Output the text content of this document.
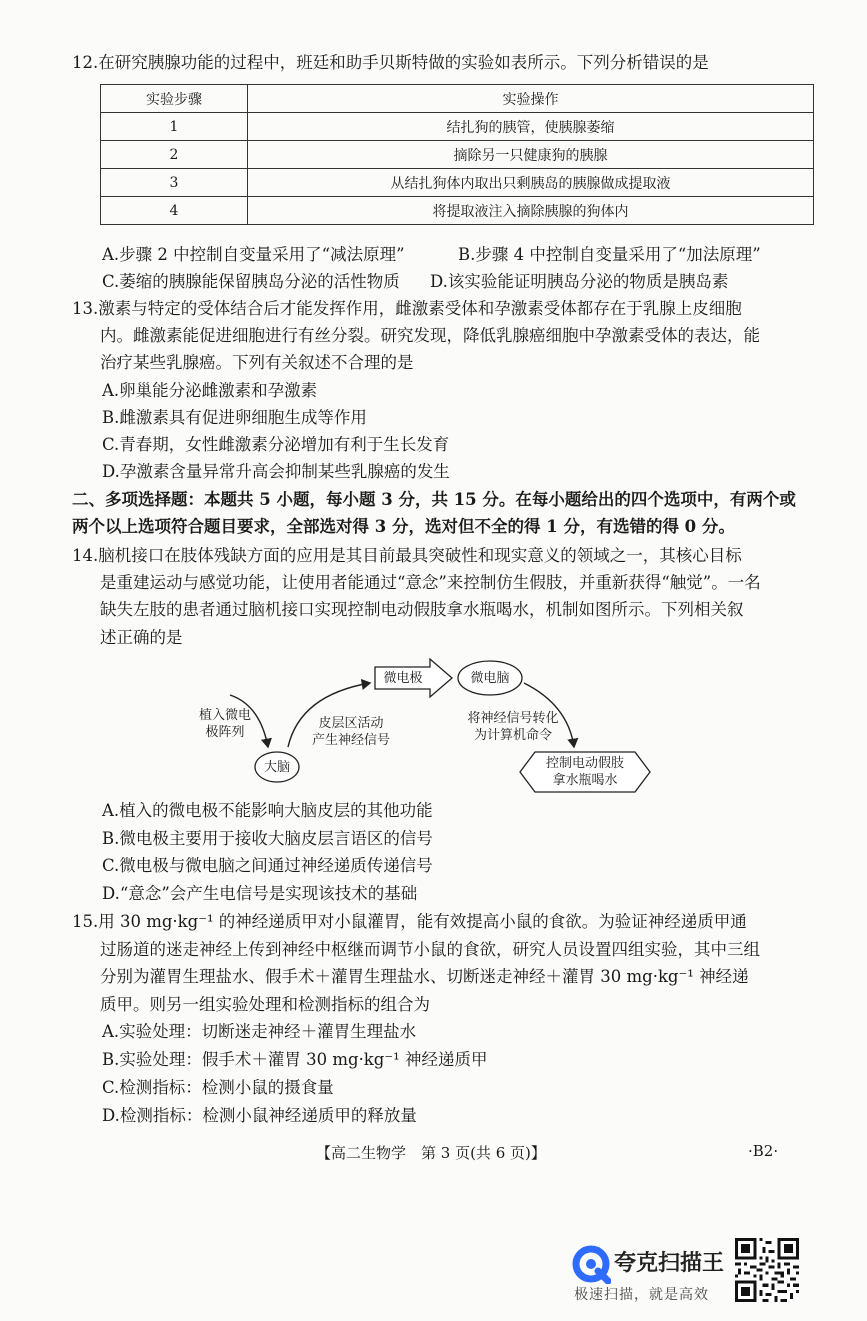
12.在研究胰腺功能的过程中，班廷和助手贝斯特做的实验如表所示。下列分析错误的是
实验步骤	实验操作
1	结扎狗的胰管，使胰腺萎缩
2	摘除另一只健康狗的胰腺
3	从结扎狗体内取出只剩胰岛的胰腺做成提取液
4	将提取液注入摘除胰腺的狗体内
A.步骤 2 中控制自变量采用了“减法原理”	B.步骤 4 中控制自变量采用了“加法原理”
C.萎缩的胰腺能保留胰岛分泌的活性物质 D.该实验能证明胰岛分泌的物质是胰岛素
13.激素与特定的受体结合后才能发挥作用，雌激素受体和孕激素受体都存在于乳腺上皮细胞
内。雌激素能促进细胞进行有丝分裂。研究发现，降低乳腺癌细胞中孕激素受体的表达，能
治疗某些乳腺癌。下列有关叙述不合理的是
A.卵巢能分泌雌激素和孕激素
B.雌激素具有促进卵细胞生成等作用
C.青春期，女性雌激素分泌增加有利于生长发育
D.孕激素含量异常升高会抑制某些乳腺癌的发生
二、多项选择题：本题共 5 小题，每小题 3 分，共 15 分。在每小题给出的四个选项中，有两个或
两个以上选项符合题目要求，全部选对得 3 分，选对但不全的得 1 分，有选错的得 0 分。
14.脑机接口在肢体残缺方面的应用是其目前最具突破性和现实意义的领域之一，其核心目标
是重建运动与感觉功能，让使用者能通过“意念”来控制仿生假肢，并重新获得“触觉”。一名
缺失左肢的患者通过脑机接口实现控制电动假肢拿水瓶喝水，机制如图所示。下列相关叙
述正确的是
微电极	微电脑
植入微电
极阵列
皮层区活动
产生神经信号
将神经信号转化
为计算机命令
大脑	控制电动假肢
拿水瓶喝水
A.植入的微电极不能影响大脑皮层的其他功能
B.微电极主要用于接收大脑皮层言语区的信号
C.微电极与微电脑之间通过神经递质传递信号
D.“意念”会产生电信号是实现该技术的基础
15.用 30 mg·kg⁻¹ 的神经递质甲对小鼠灌胃，能有效提高小鼠的食欲。为验证神经递质甲通
过肠道的迷走神经上传到神经中枢继而调节小鼠的食欲，研究人员设置四组实验，其中三组
分别为灌胃生理盐水、假手术＋灌胃生理盐水、切断迷走神经＋灌胃 30 mg·kg⁻¹ 神经递
质甲。则另一组实验处理和检测指标的组合为
A.实验处理：切断迷走神经＋灌胃生理盐水
B.实验处理：假手术＋灌胃 30 mg·kg⁻¹ 神经递质甲
C.检测指标：检测小鼠的摄食量
D.检测指标：检测小鼠神经递质甲的释放量
【高二生物学　第 3 页(共 6 页)】	·B2·
夸克扫描王
极速扫描，就是高效
